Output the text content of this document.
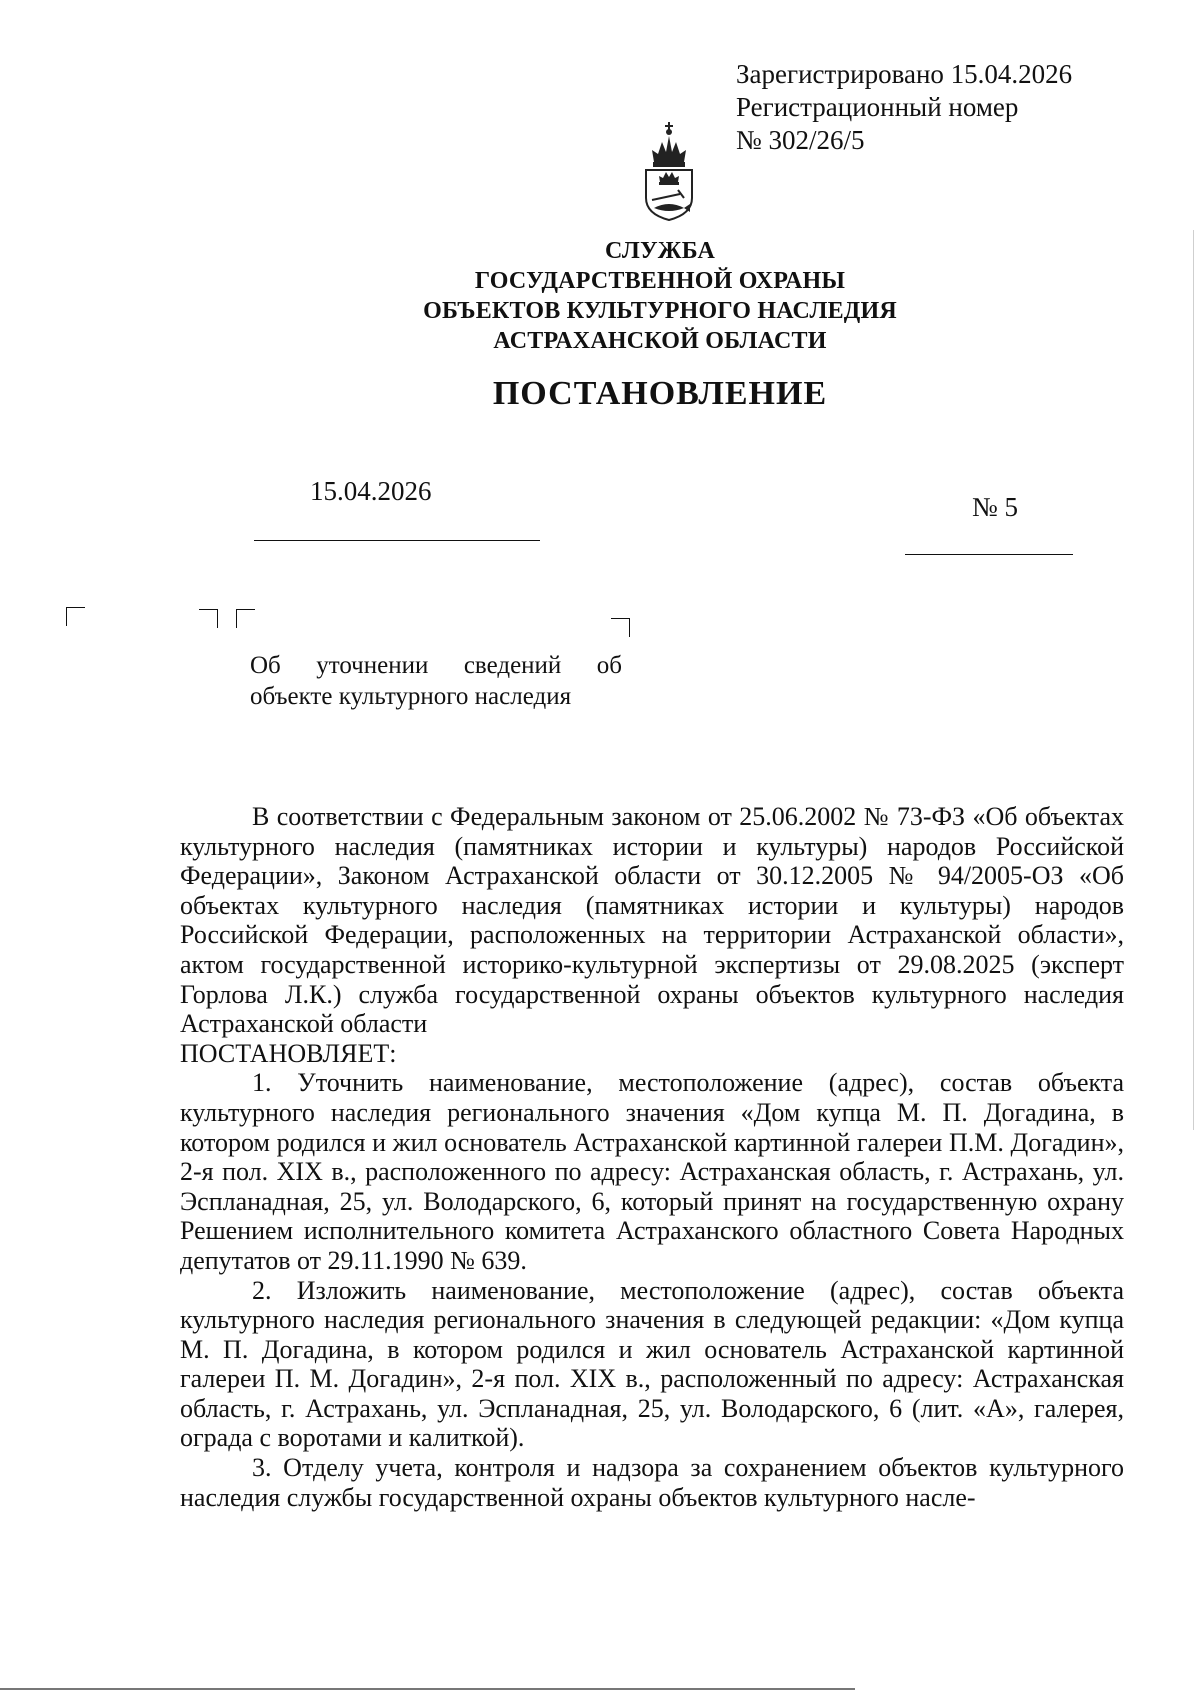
Зарегистрировано 15.04.2026
Регистрационный номер
№ 302/26/5
СЛУЖБА
ГОСУДАРСТВЕННОЙ ОХРАНЫ
ОБЪЕКТОВ КУЛЬТУРНОГО НАСЛЕДИЯ
АСТРАХАНСКОЙ ОБЛАСТИ
ПОСТАНОВЛЕНИЕ
15.04.2026
№ 5
Об уточнении сведений об объекте культурного наследия

В соответствии с Федеральным законом от 25.06.2002 № 73-ФЗ «Об объектах культурного наследия (памятниках истории и культуры) народов Российской Федерации», Законом Астраханской области от 30.12.2005 № 94/2005-ОЗ «Об объектах культурного наследия (памятниках истории и культуры) народов Российской Федерации, расположенных на территории Астраханской области», актом государственной историко-культурной экспертизы от 29.08.2025 (эксперт Горлова Л.К.) служба государственной охраны объектов культурного наследия Астраханской области

ПОСТАНОВЛЯЕТ:

1. Уточнить наименование, местоположение (адрес), состав объекта культурного наследия регионального значения «Дом купца М. П. Догадина, в котором родился и жил основатель Астраханской картинной галереи П.М. Догадин», 2-я пол. XIX в., расположенного по адресу: Астраханская область, г. Астрахань, ул. Эспланадная, 25, ул. Володарского, 6, который принят на государственную охрану Решением исполнительного комитета Астраханского областного Совета Народных депутатов от 29.11.1990 № 639.

2. Изложить наименование, местоположение (адрес), состав объекта культурного наследия регионального значения в следующей редакции: «Дом купца М. П. Догадина, в котором родился и жил основатель Астраханской картинной галереи П. М. Догадин», 2-я пол. XIX в., расположенный по адресу: Астраханская область, г. Астрахань, ул. Эспланадная, 25, ул. Володарского, 6 (лит. «А», галерея, ограда с воротами и калиткой).

3. Отделу учета, контроля и надзора за сохранением объектов культурного наследия службы государственной охраны объектов культурного насле-
